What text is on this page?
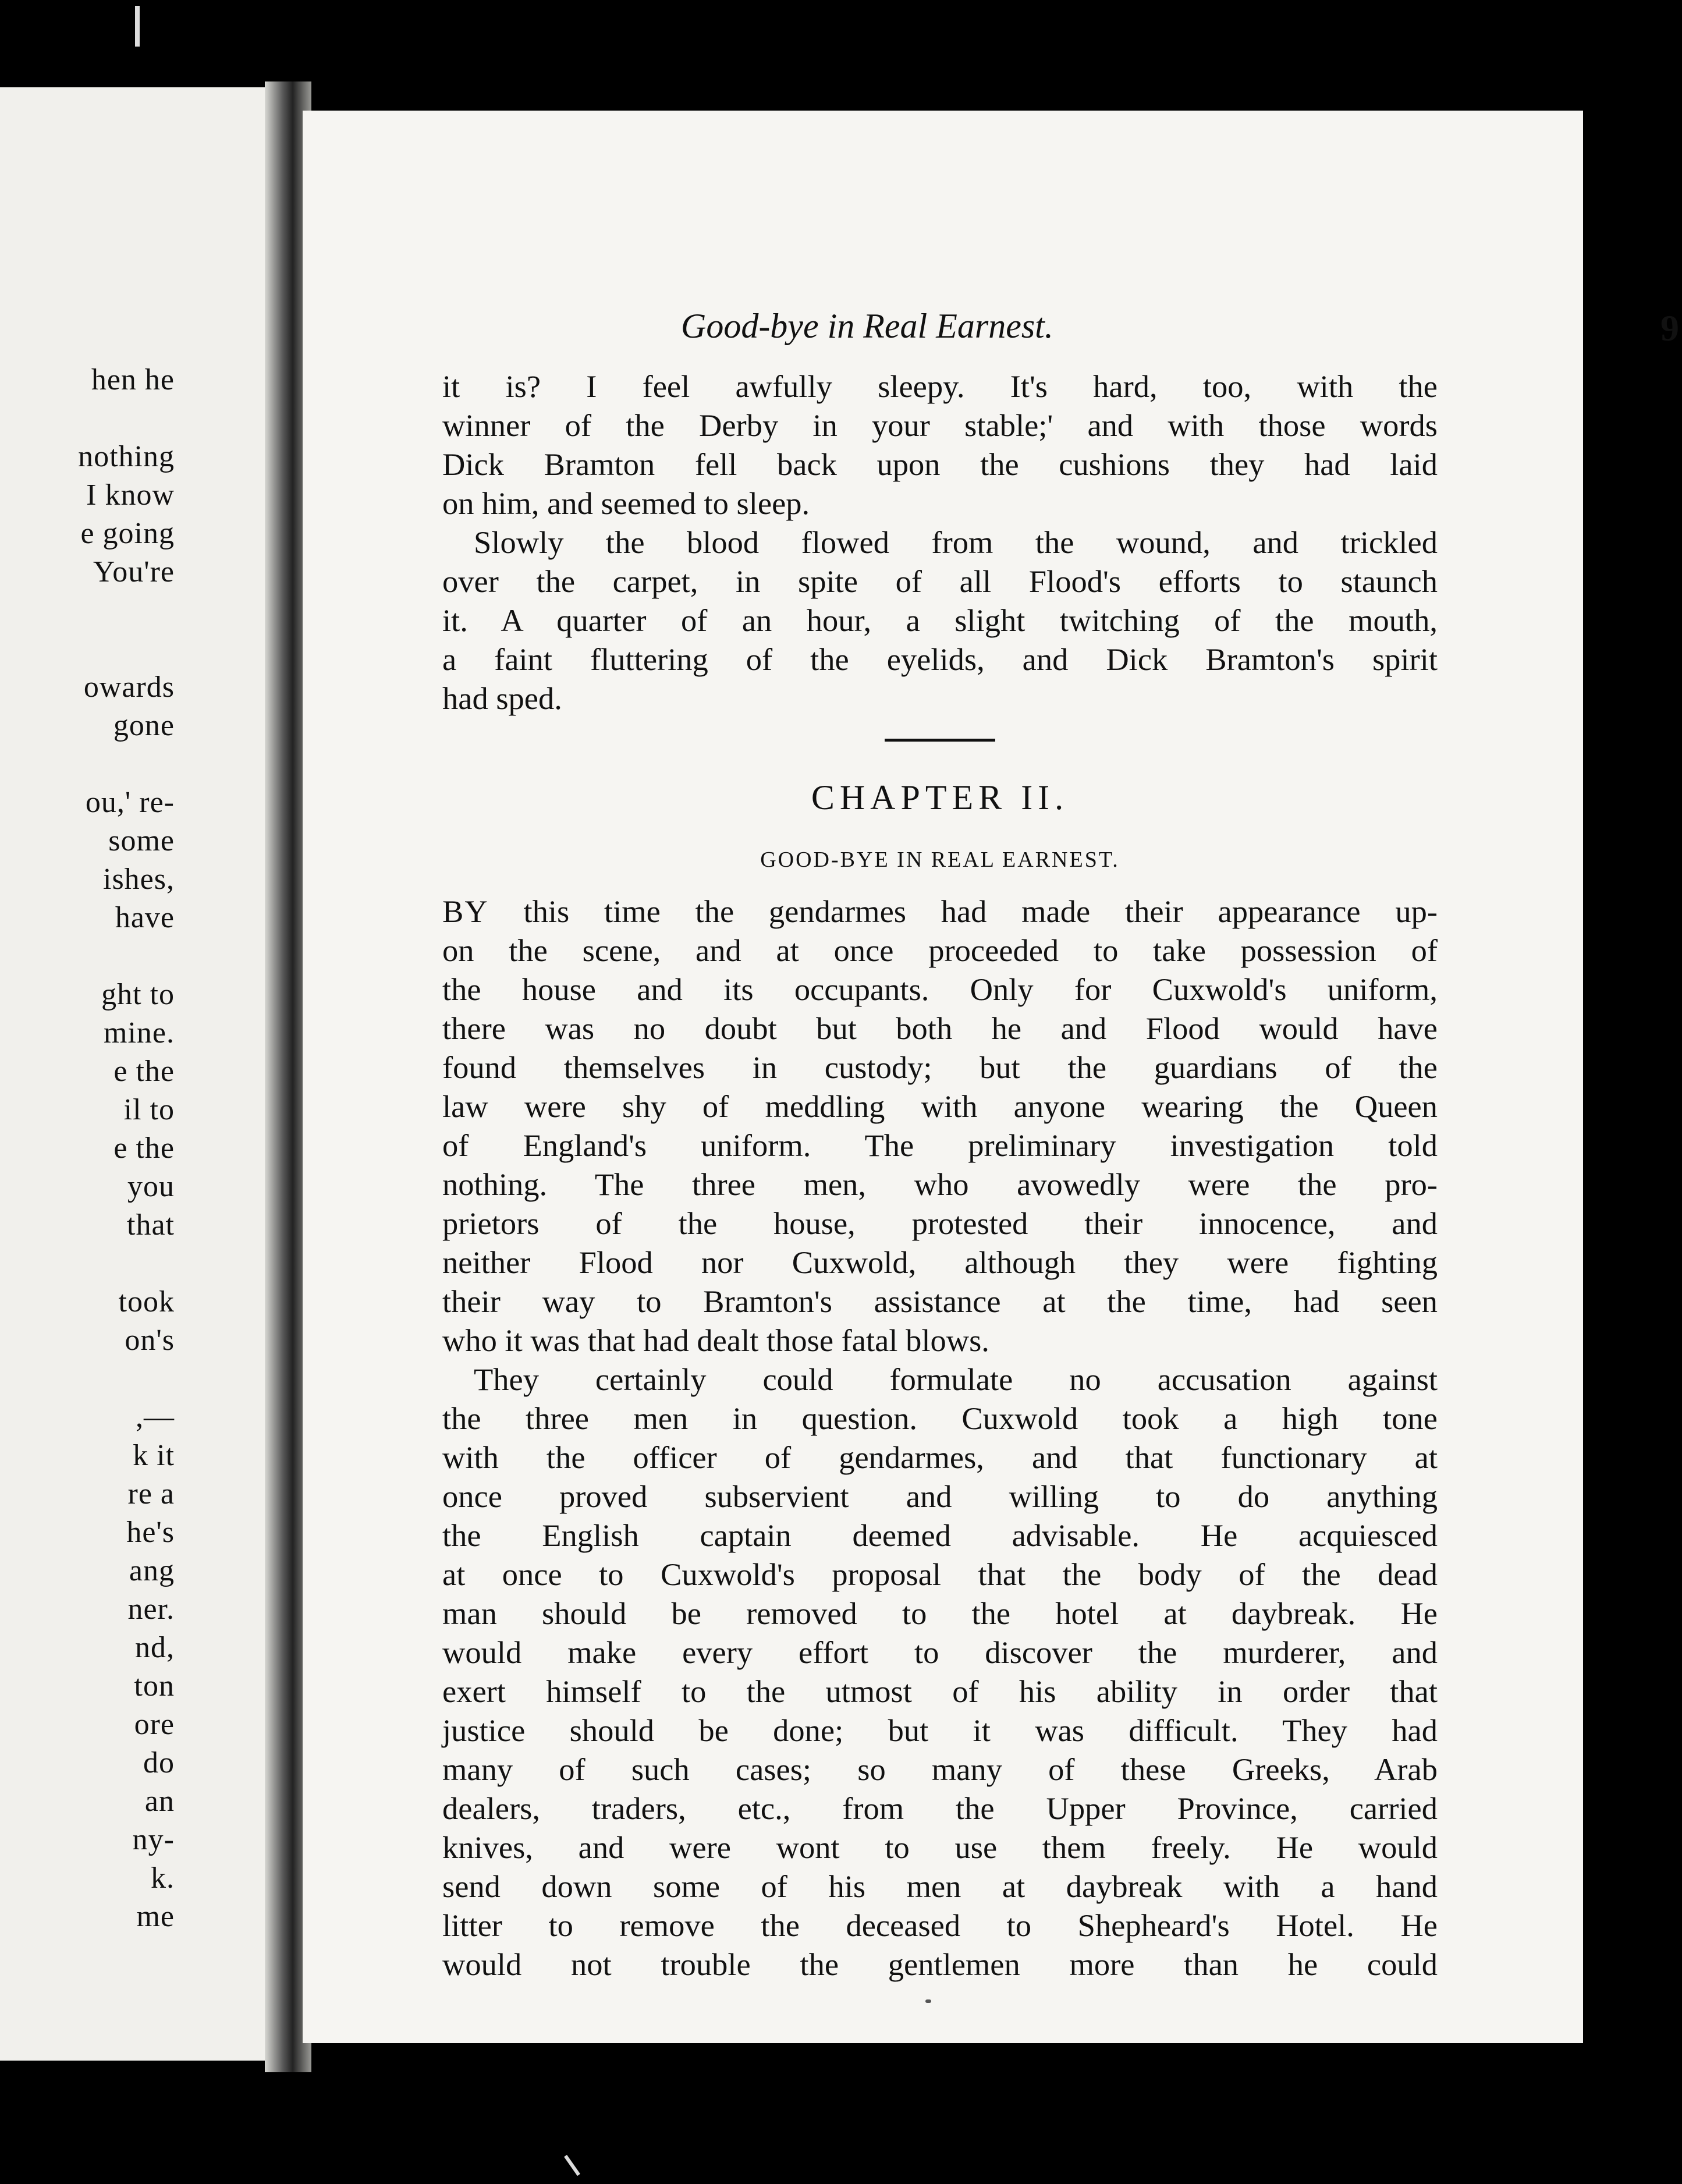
hen he
nothing
I know
e going
You're
owards
gone
ou,' re-
some
ishes,
have
ght to
mine.
e the
il to
e the
you
that
took
on's
,—
k it
re a
he's
ang
ner.
nd,
ton
ore
do
an
ny-
k.
me
Good-bye in Real Earnest.	9
it is? I feel awfully sleepy. It's hard, too, with the
winner of the Derby in your stable;' and with those words
Dick Bramton fell back upon the cushions they had laid
on him, and seemed to sleep.
Slowly the blood flowed from the wound, and trickled
over the carpet, in spite of all Flood's efforts to staunch
it. A quarter of an hour, a slight twitching of the mouth,
a faint fluttering of the eyelids, and Dick Bramton's spirit
had sped.
CHAPTER II.
GOOD-BYE IN REAL EARNEST.
BY this time the gendarmes had made their appearance up-
on the scene, and at once proceeded to take possession of
the house and its occupants. Only for Cuxwold's uniform,
there was no doubt but both he and Flood would have
found themselves in custody; but the guardians of the
law were shy of meddling with anyone wearing the Queen
of England's uniform. The preliminary investigation told
nothing. The three men, who avowedly were the pro-
prietors of the house, protested their innocence, and
neither Flood nor Cuxwold, although they were fighting
their way to Bramton's assistance at the time, had seen
who it was that had dealt those fatal blows.
They certainly could formulate no accusation against
the three men in question. Cuxwold took a high tone
with the officer of gendarmes, and that functionary at
once proved subservient and willing to do anything
the English captain deemed advisable. He acquiesced
at once to Cuxwold's proposal that the body of the dead
man should be removed to the hotel at daybreak. He
would make every effort to discover the murderer, and
exert himself to the utmost of his ability in order that
justice should be done; but it was difficult. They had
many of such cases; so many of these Greeks, Arab
dealers, traders, etc., from the Upper Province, carried
knives, and were wont to use them freely. He would
send down some of his men at daybreak with a hand
litter to remove the deceased to Shepheard's Hotel. He
would not trouble the gentlemen more than he could
